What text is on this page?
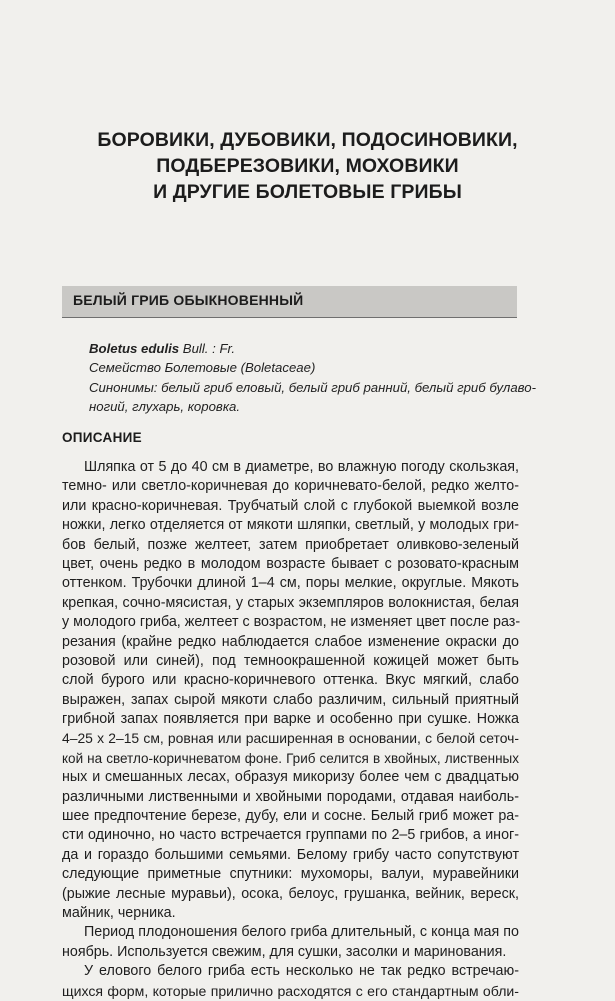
БОРОВИКИ, ДУБОВИКИ, ПОДОСИНОВИКИ,
ПОДБЕРЕЗОВИКИ, МОХОВИКИ
И ДРУГИЕ БОЛЕТОВЫЕ ГРИБЫ
БЕЛЫЙ ГРИБ ОБЫКНОВЕННЫЙ
Boletus edulis Bull. : Fr.
Семейство Болетовые (Boletaceae)
Синонимы: белый гриб еловый, белый гриб ранний, белый гриб булаво-
ногий, глухарь, коровка.
ОПИСАНИЕ
Шляпка от 5 до 40 см в диаметре, во влажную погоду скользкая,
темно- или светло-коричневая до коричневато-белой, редко желто-
или красно-коричневая. Трубчатый слой с глубокой выемкой возле
ножки, легко отделяется от мякоти шляпки, светлый, у молодых гри-
бов белый, позже желтеет, затем приобретает оливково-зеленый
цвет, очень редко в молодом возрасте бывает с розовато-красным
оттенком. Трубочки длиной 1–4 см, поры мелкие, округлые. Мякоть
крепкая, сочно-мясистая, у старых экземпляров волокнистая, белая
у молодого гриба, желтеет с возрастом, не изменяет цвет после раз-
резания (крайне редко наблюдается слабое изменение окраски до
розовой или синей), под темноокрашенной кожицей может быть
слой бурого или красно-коричневого оттенка. Вкус мягкий, слабо
выражен, запах сырой мякоти слабо различим, сильный приятный
грибной запах появляется при варке и особенно при сушке. Ножка
4–25 x 2–15 см, ровная или расширенная в основании, с белой сеточ-
кой на светло-коричневатом фоне. Гриб селится в хвойных, лиственных
ных и смешанных лесах, образуя микоризу более чем с двадцатью
различными лиственными и хвойными породами, отдавая наиболь-
шее предпочтение березе, дубу, ели и сосне. Белый гриб может ра-
сти одиночно, но часто встречается группами по 2–5 грибов, а иног-
да и гораздо большими семьями. Белому грибу часто сопутствуют
следующие приметные спутники: мухоморы, валуи, муравейники
(рыжие лесные муравьи), осока, белоус, грушанка, вейник, вереск,
майник, черника.
Период плодоношения белого гриба длительный, с конца мая по
ноябрь. Используется свежим, для сушки, засолки и маринования.
У елового белого гриба есть несколько не так редко встречаю-
щихся форм, которые прилично расходятся с его стандартным обли-
